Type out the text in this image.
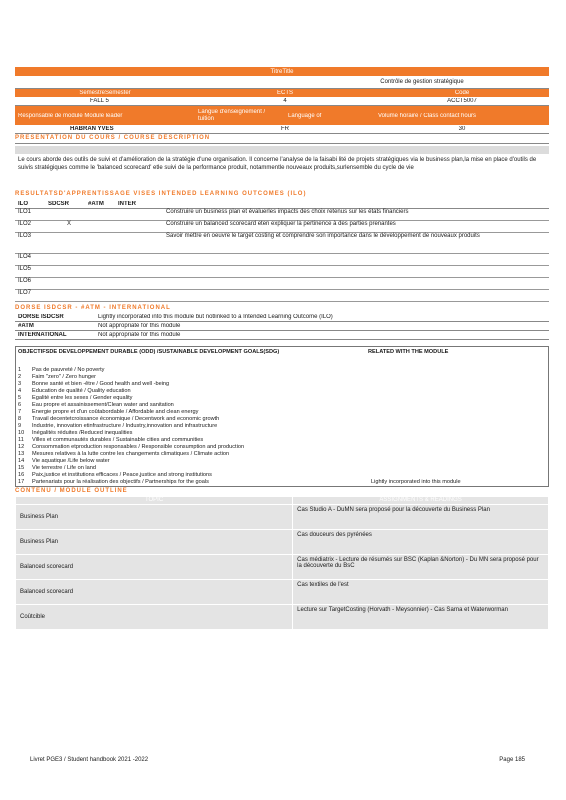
TitreTitle
Contrôle de gestion stratégique
SemestreSemester	ECTS	Code
FALL 5	4	ACCT5007
Responsable de module Module leader
Langue d'enseignement / tuition	Language of	Volume horaire / Class contact hours
HABRAN YVES	FR	30
PRESENTATION DU COURS / COURSE DESCRIPTION
Le cours aborde des outils de suivi et d'amélioration de la stratégie d'une organisation. Il concerne l'analyse de la faisabi lité de projets stratégiques via le business plan,la mise en place d'outils de suivis stratégiques comme le 'balanced scorecard' etle suivi de la performance produit, notammentle nouveaux produits,surlensemble du cycle de vie
RESULTATSD'APPRENTISSAGE VISES INTENDED LEARNING OUTCOMES (ILO)
ILO	SDCSR	#ATM	INTER
ILO1			Construire un business plan et évaluerles impacts des choix retenus sur les états financiers
ILO2	X		Construire un balanced scorecard eten expliquer la pertinence à des parties prenantes
ILO3			Savoir mettre en oeuvre le target costing et comprendre son importance dans le développement de nouveaux produits
ILO4			
ILO5			
ILO6			
ILO7			
DORSE ISDCSR - #ATM - INTERNATIONAL
DORSE ISDCSR	Lightly incorporated into this module but notlinked to a Intended Learning Outcome (ILO)
#ATM	Not appropriate for this module
INTERNATIONAL	Not appropriate for this module
OBJECTIFSDE DEVELOPPEMENT DURABLE (ODD) /SUSTAINABLE DEVELOPMENT GOALS(SDG)	RELATED WITH THE MODULE
1	Pas de pauvreté / No poverty	
2	Faim "zero" / Zero hunger	
3	Bonne santé et bien -être / Good health and well -being	
4	Education de qualité / Quality education	
5	Egalité entre les sexes / Gender equality	
6	Eau propre et assainissement/Clean water and sanitation	
7	Energie propre et d'un coûtabordable / Affordable and clean energy	
8	Travail decentetcroissance économique / Decentwork and economic growth	
9	Industrie, innovation etinfrastructure / Industry,innovation and infrastructure	
10	Inégalités réduites /Reduced inequalities	
11	Villes et communautés durables / Sustainable cities and communities	
12	Consommation etproduction responsables / Responsible consumption and production	
13	Mesures relatives à la lutte contre les changements climatiques / Climate action	
14	Vie aquatique /Life below water	
15	Vie terrestre / Life on land	
16	Paix,justice et institutions efficaces / Peace,justice and strong institutions	
17	Partenariats pour la réalisation des objectifs / Partnerships for the goals	Lightly incorporated into this module
CONTENU / MODULE OUTLINE
TOPIC	ASSIGNMENTS & READINGS
Business Plan	Cas Studio A - DuMN sera proposé pour la découverte du Business Plan
Business Plan	Cas douceurs des pyrénées
Balanced scorecard	Cas médiatrix - Lecture de résumés sur BSC (Kaplan &Norton) - Du MN sera proposé pour la découverte du BsC
Balanced scorecard	Cas textiles de l'est
Coûtcible	Lecture sur TargetCosting (Horvath - Meysonnier) - Cas Sarna et Waterworman
Livret PGE3 / Student handbook 2021 -2022	Page 185
